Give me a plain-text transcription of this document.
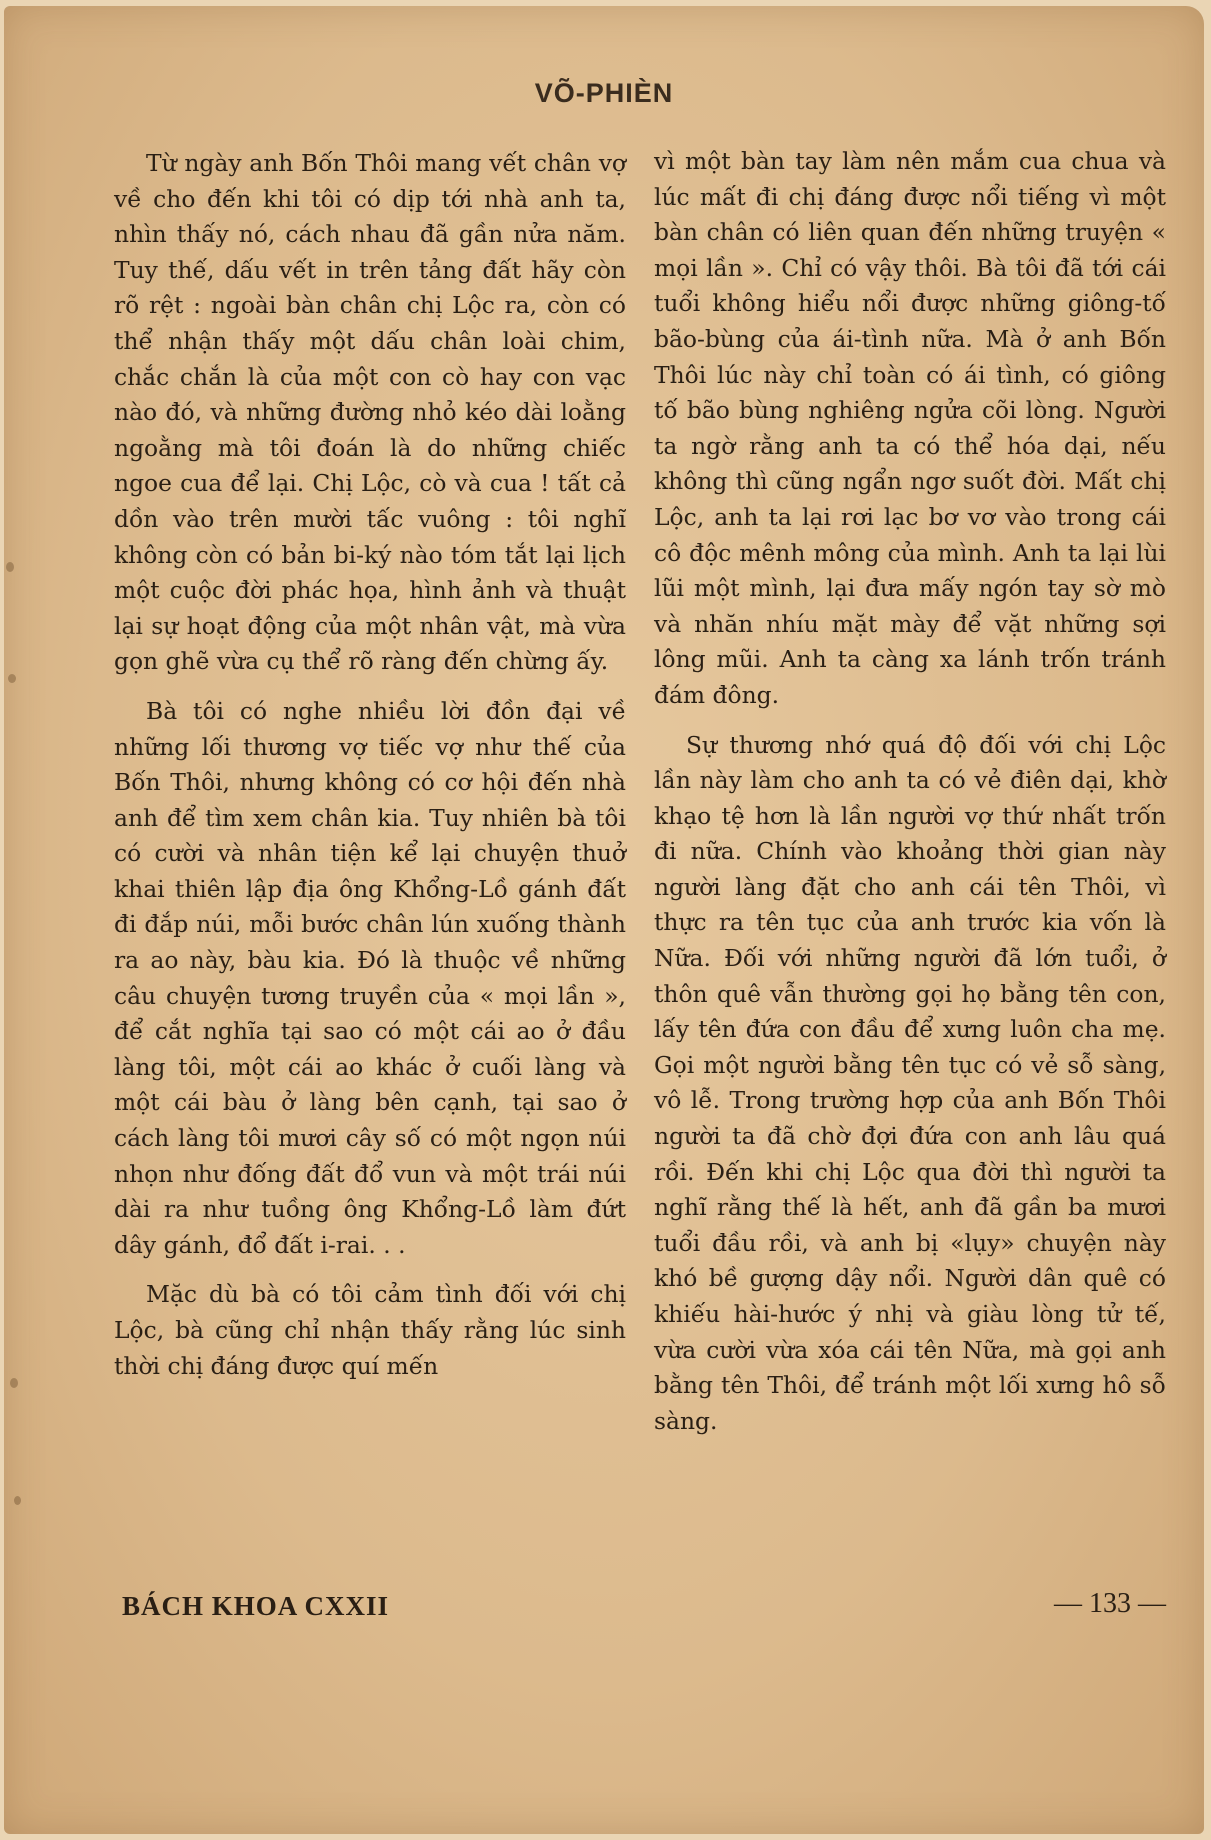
VÕ-PHIÈN

Từ ngày anh Bốn Thôi mang vết chân vợ về cho đến khi tôi có dịp tới nhà anh ta, nhìn thấy nó, cách nhau đã gần nửa năm. Tuy thế, dấu vết in trên tảng đất hãy còn rõ rệt : ngoài bàn chân chị Lộc ra, còn có thể nhận thấy một dấu chân loài chim, chắc chắn là của một con cò hay con vạc nào đó, và những đường nhỏ kéo dài loằng ngoằng mà tôi đoán là do những chiếc ngoe cua để lại. Chị Lộc, cò và cua ! tất cả dồn vào trên mười tấc vuông : tôi nghĩ không còn có bản bi-ký nào tóm tắt lại lịch một cuộc đời phác họa, hình ảnh và thuật lại sự hoạt động của một nhân vật, mà vừa gọn ghẽ vừa cụ thể rõ ràng đến chừng ấy.

Bà tôi có nghe nhiều lời đồn đại về những lối thương vợ tiếc vợ như thế của Bốn Thôi, nhưng không có cơ hội đến nhà anh để tìm xem chân kia. Tuy nhiên bà tôi có cười và nhân tiện kể lại chuyện thuở khai thiên lập địa ông Khổng-Lồ gánh đất đi đắp núi, mỗi bước chân lún xuống thành ra ao này, bàu kia. Đó là thuộc về những câu chuyện tương truyền của « mọi lần », để cắt nghĩa tại sao có một cái ao ở đầu làng tôi, một cái ao khác ở cuối làng và một cái bàu ở làng bên cạnh, tại sao ở cách làng tôi mươi cây số có một ngọn núi nhọn như đống đất đổ vun và một trái núi dài ra như tuồng ông Khổng-Lồ làm đứt dây gánh, đổ đất i-rai. . .

Mặc dù bà có tôi cảm tình đối với chị Lộc, bà cũng chỉ nhận thấy rằng lúc sinh thời chị đáng được quí mến

vì một bàn tay làm nên mắm cua chua và lúc mất đi chị đáng được nổi tiếng vì một bàn chân có liên quan đến những truyện « mọi lần ». Chỉ có vậy thôi. Bà tôi đã tới cái tuổi không hiểu nổi được những giông-tố bão-bùng của ái-tình nữa. Mà ở anh Bốn Thôi lúc này chỉ toàn có ái tình, có giông tố bão bùng nghiêng ngửa cõi lòng. Người ta ngờ rằng anh ta có thể hóa dại, nếu không thì cũng ngẩn ngơ suốt đời. Mất chị Lộc, anh ta lại rơi lạc bơ vơ vào trong cái cô độc mênh mông của mình. Anh ta lại lùi lũi một mình, lại đưa mấy ngón tay sờ mò và nhăn nhíu mặt mày để vặt những sợi lông mũi. Anh ta càng xa lánh trốn tránh đám đông.

Sự thương nhớ quá độ đối với chị Lộc lần này làm cho anh ta có vẻ điên dại, khờ khạo tệ hơn là lần người vợ thứ nhất trốn đi nữa. Chính vào khoảng thời gian này người làng đặt cho anh cái tên Thôi, vì thực ra tên tục của anh trước kia vốn là Nữa. Đối với những người đã lớn tuổi, ở thôn quê vẫn thường gọi họ bằng tên con, lấy tên đứa con đầu để xưng luôn cha mẹ. Gọi một người bằng tên tục có vẻ sỗ sàng, vô lễ. Trong trường hợp của anh Bốn Thôi người ta đã chờ đợi đứa con anh lâu quá rồi. Đến khi chị Lộc qua đời thì người ta nghĩ rằng thế là hết, anh đã gần ba mươi tuổi đầu rồi, và anh bị «lụy» chuyện này khó bề gượng dậy nổi. Người dân quê có khiếu hài-hước ý nhị và giàu lòng tử tế, vừa cười vừa xóa cái tên Nữa, mà gọi anh bằng tên Thôi, để tránh một lối xưng hô sỗ sàng.

BÁCH KHOA CXXII	— 133 —
